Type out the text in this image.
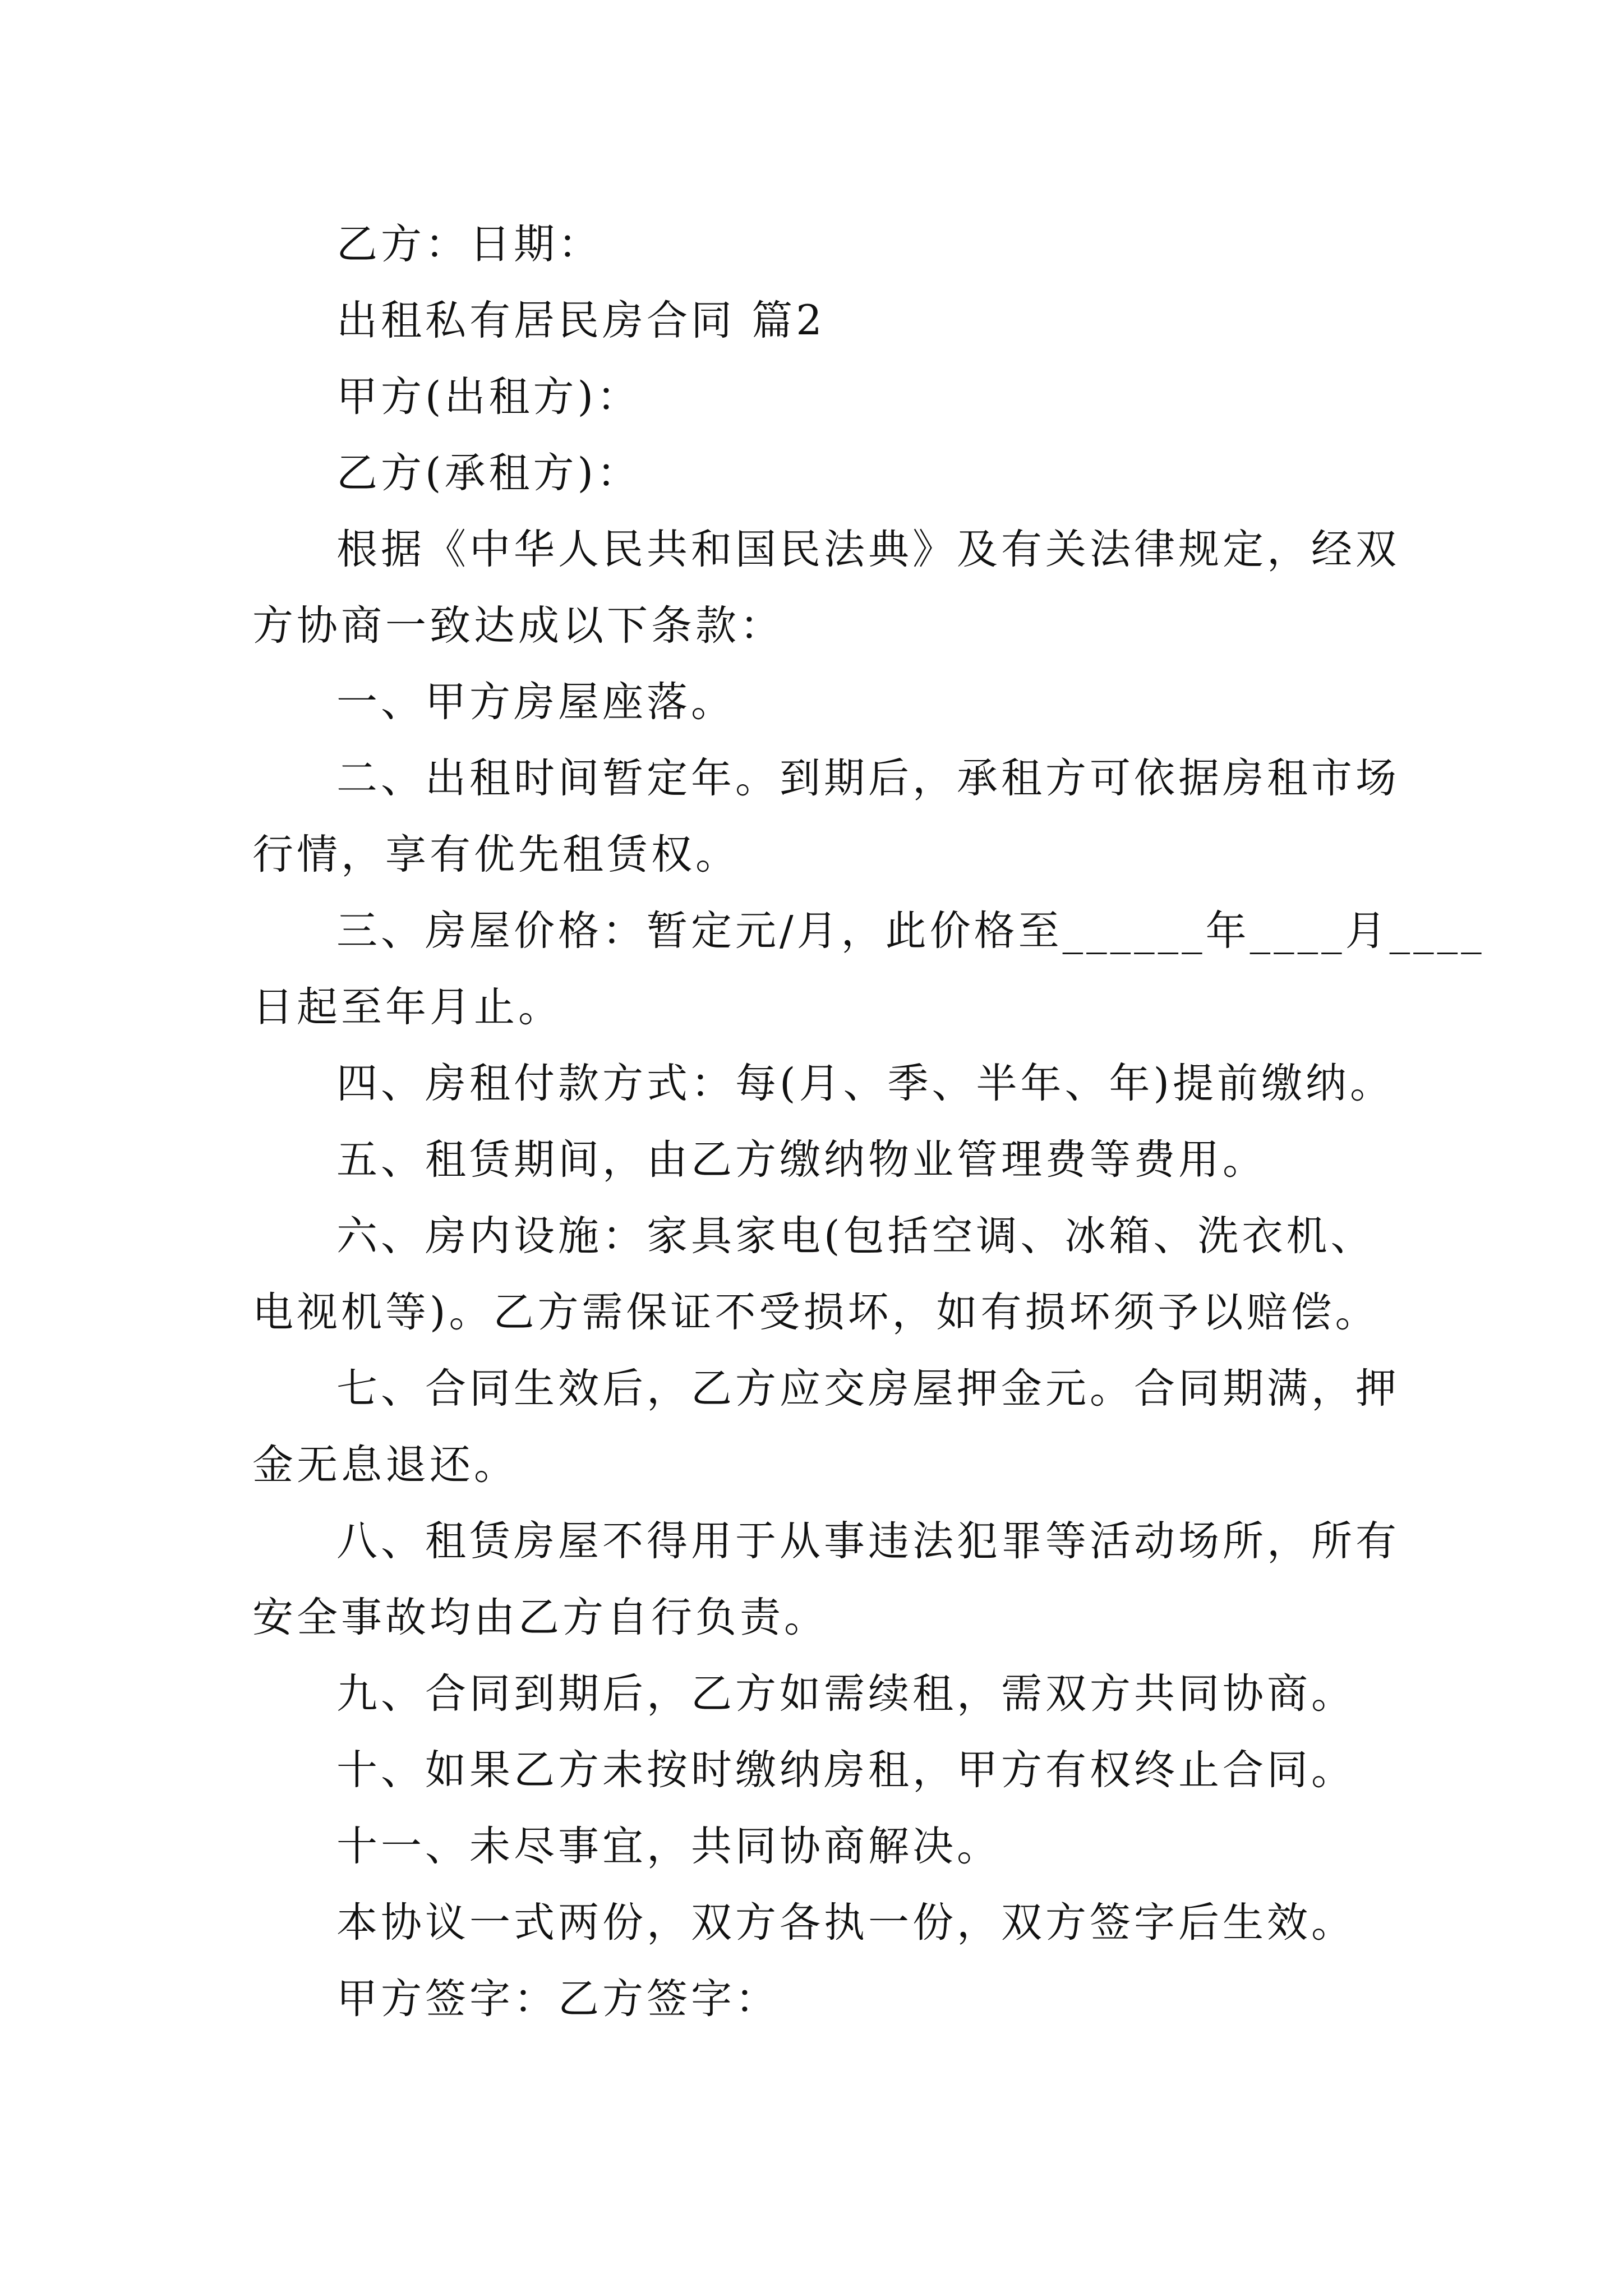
乙方：日期：
出租私有居民房合同 篇2
甲方(出租方)：
乙方(承租方)：
根据《中华人民共和国民法典》及有关法律规定，经双
方协商一致达成以下条款：
一、甲方房屋座落。
二、出租时间暂定年。到期后，承租方可依据房租市场
行情，享有优先租赁权。
三、房屋价格：暂定元/月，此价格至______年____月____
日起至年月止。
四、房租付款方式：每(月、季、半年、年)提前缴纳。
五、租赁期间，由乙方缴纳物业管理费等费用。
六、房内设施：家具家电(包括空调、冰箱、洗衣机、
电视机等)。乙方需保证不受损坏，如有损坏须予以赔偿。
七、合同生效后，乙方应交房屋押金元。合同期满，押
金无息退还。
八、租赁房屋不得用于从事违法犯罪等活动场所，所有
安全事故均由乙方自行负责。
九、合同到期后，乙方如需续租，需双方共同协商。
十、如果乙方未按时缴纳房租，甲方有权终止合同。
十一、未尽事宜，共同协商解决。
本协议一式两份，双方各执一份，双方签字后生效。
甲方签字：乙方签字：
